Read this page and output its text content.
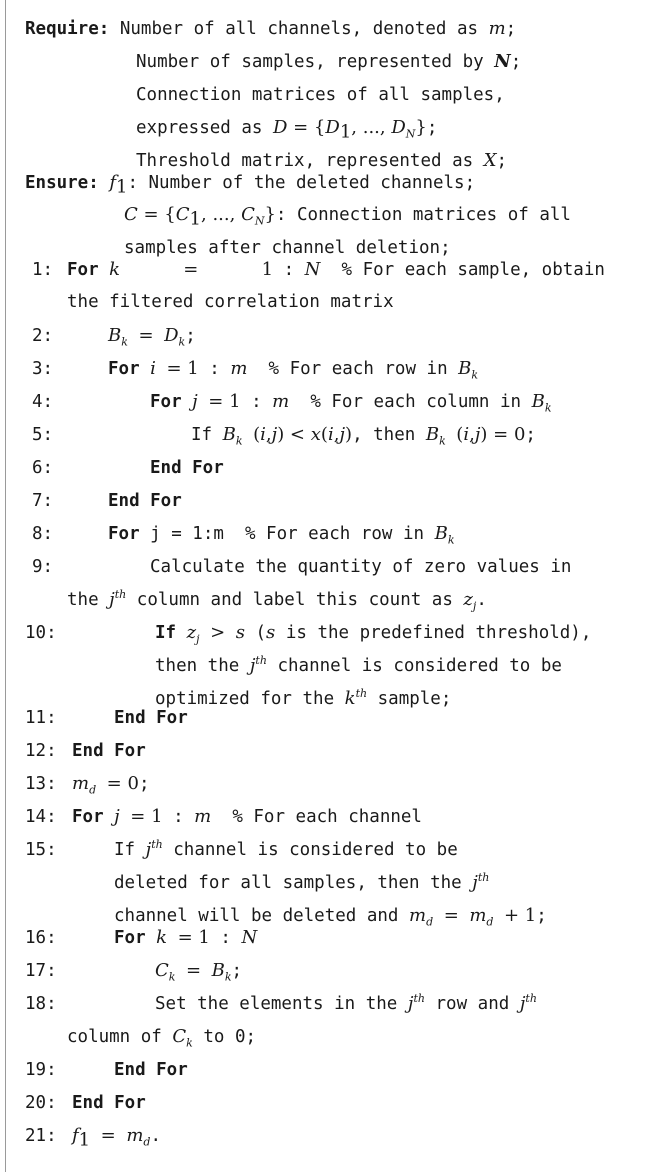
Require: Number of all channels, denoted as m;
Number of samples, represented by N;
Connection matrices of all samples,
expressed as $D = \{D_1$, ..., $D_N$};
Threshold matrix, represented as X;
Ensure: $f_1$: Number of the deleted channels;
$C = \{C_1$, ..., $C_N$}: Connection matrices of all
samples after channel deletion;
1: For k	=	1 : N  % For each sample, obtain
the filtered correlation matrix
2:	$B_k = D_k$;
3:	For i = 1 : m  % For each row in $B_k$
4:	For j = 1 : m  % For each column in $B_k$
5:	If $B_k$ (i,j) < x(i,j), then $B_k$ (i,j) = 0;
6:	End For
7:	End For
8:	For j = 1:m  % For each row in $B_k$
9:	Calculate the quantity of zero values in
the $j^{th}$ column and label this count as $z_j$.
10:	If $z_j > s$ (s is the predefined threshold),
then the $j^{th}$ channel is considered to be
optimized for the $k^{th}$ sample;
11:	End For
12: End For
13: $m_d = 0$;
14: For j = 1 : m  % For each channel
15:	If $j^{th}$ channel is considered to be
deleted for all samples, then the $j^{th}$
channel will be deleted and $m_d = m_d + 1$;
16:	For k = 1 : N
17:	$C_k = B_k$;
18:	Set the elements in the $j^{th}$ row and $j^{th}$
column of $C_k$ to 0;
19:	End For
20: End For
21: $f_1 = m_d$.
